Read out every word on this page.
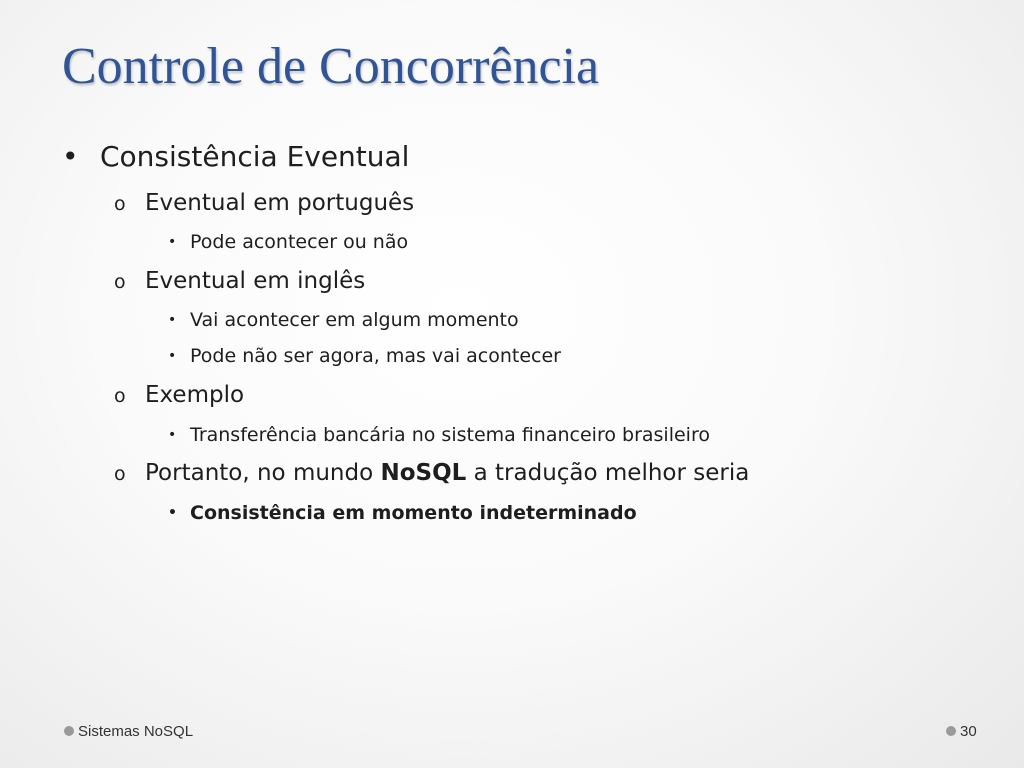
Controle de Concorrência
• Consistência Eventual
o Eventual em português
• Pode acontecer ou não
o Eventual em inglês
• Vai acontecer em algum momento
• Pode não ser agora, mas vai acontecer
o Exemplo
• Transferência bancária no sistema financeiro brasileiro
o Portanto, no mundo NoSQL a tradução melhor seria
• Consistência em momento indeterminado
Sistemas NoSQL	30
